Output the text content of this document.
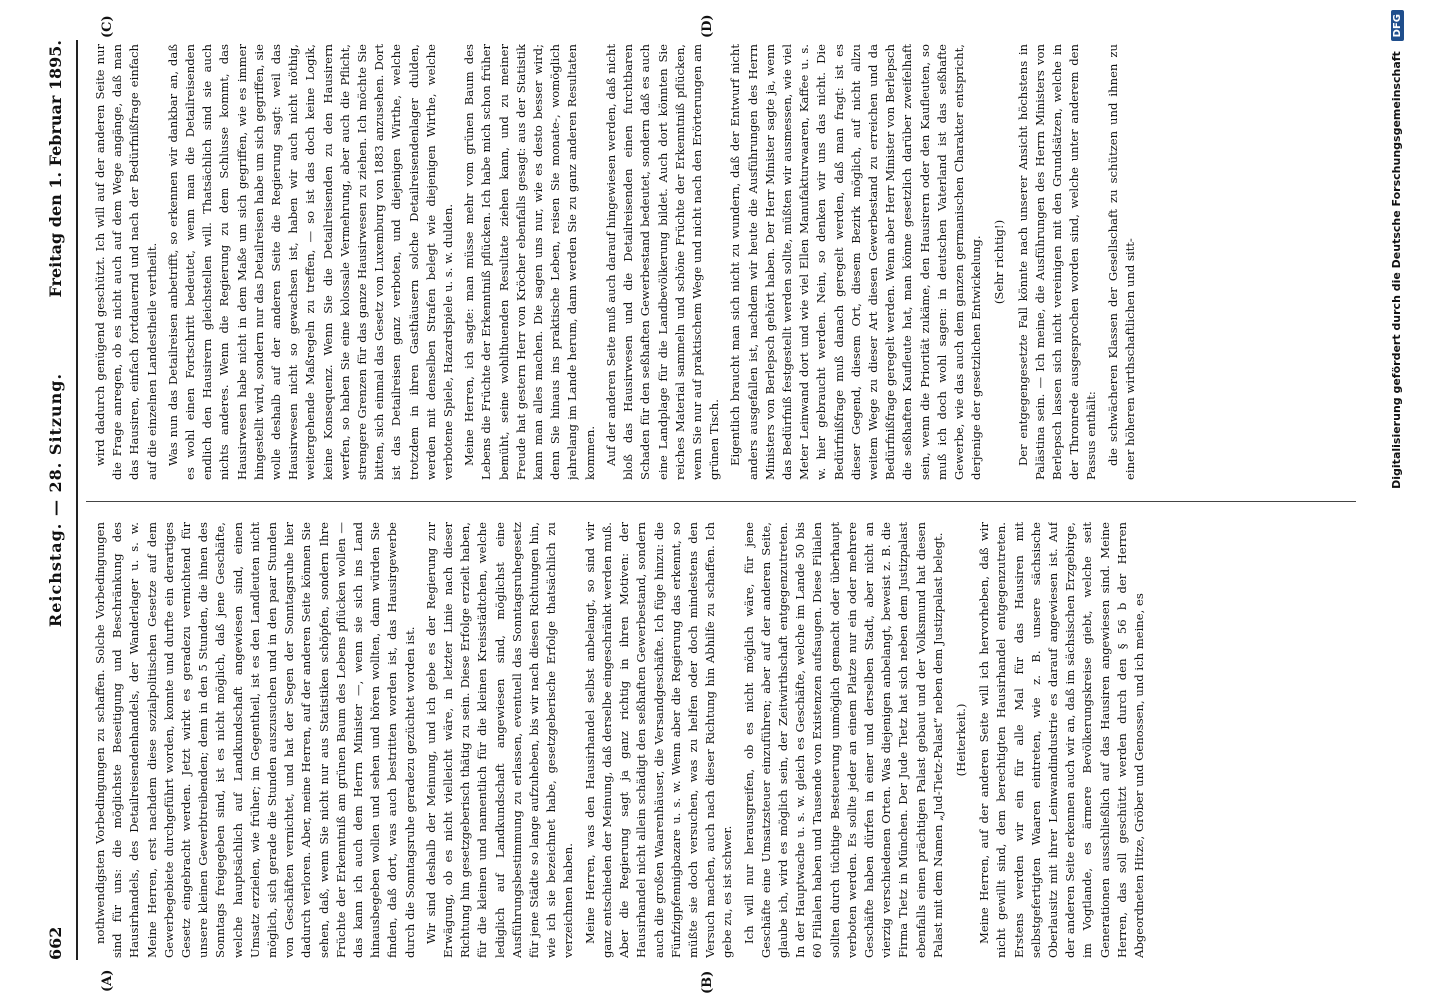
662
Reichstag. — 28. Sitzung.
Freitag den 1. Februar 1895.
(A)	(B)
(C)	(D)

nothwendigsten Vorbedingungen zu schaffen. Solche Vorbedingungen sind für uns: die möglichste Beseitigung und Beschränkung des Hausirhandels, des Detailreisendenhandels, der Wanderlager u. s. w. Meine Herren, erst nachdem diese sozialpolitischen Gesetze auf dem Gewerbegebiete durchgeführt worden, konnte und durfte ein derartiges Gesetz eingebracht werden. Jetzt wirkt es geradezu vernichtend für unsere kleinen Gewerbtreibenden; denn in den 5 Stunden, die ihnen des Sonntags freigegeben sind, ist es nicht möglich, daß jene Geschäfte, welche hauptsächlich auf Landkundschaft angewiesen sind, einen Umsatz erzielen, wie früher; im Gegentheil, ist es den Landleuten nicht möglich, sich gerade die Stunden auszusuchen und in den paar Stunden von Geschäften vernichtet, und hat der Segen der Sonntagsruhe hier dadurch verloren. Aber, meine Herren, auf der anderen Seite können Sie sehen, daß, wenn Sie nicht nur aus Statistiken schöpfen, sondern Ihre Früchte der Erkenntniß am grünen Baum des Lebens pflücken wollen — das kann ich auch dem Herrn Minister —, wenn sie sich ins Land hinausbegeben wollen und sehen und hören wollten, dann würden Sie finden, daß dort, was auch bestritten worden ist, das Hausirgewerbe durch die Sonntagsruhe geradezu gezüchtet worden ist. Wir sind deshalb der Meinung, und ich gebe es der Regierung zur Erwägung, ob es nicht vielleicht wäre, in letzter Linie nach dieser Richtung hin gesetzgeberisch thätig zu sein. Diese Erfolge erzielt haben, für die kleinen und namentlich für die kleinen Kreisstädtchen, welche lediglich auf Landkundschaft angewiesen sind, möglichst eine Ausführungsbestimmung zu erlassen, eventuell das Sonntagsruhegesetz für jene Städte so lange aufzuheben, bis wir nach diesen Richtungen hin, wie ich sie bezeichnet habe, gesetzgeberische Erfolge thatsächlich zu verzeichnen haben. Meine Herren, was den Hausirhandel selbst anbelangt, so sind wir ganz entschieden der Meinung, daß derselbe eingeschränkt werden muß. Aber die Regierung sagt ja ganz richtig in ihren Motiven: der Hausirhandel nicht allein schädigt den seßhaften Gewerbestand, sondern auch die großen Waarenhäuser, die Versandgeschäfte. Ich füge hinzu: die Fünfzigpfennigbazare u. s. w. Wenn aber die Regierung das erkennt, so müßte sie doch versuchen, was zu helfen oder doch mindestens den Versuch machen, auch nach dieser Richtung hin Abhilfe zu schaffen. Ich gebe zu, es ist schwer. Ich will nur herausgreifen, ob es nicht möglich wäre, für jene Geschäfte eine Umsatzsteuer einzuführen; aber auf der anderen Seite, glaube ich, wird es möglich sein, der Zeitwirthschaft entgegenzutreten. In der Hauptwache u. s. w. gleich es Geschäfte, welche im Lande 50 bis 60 Filialen haben und Tausende von Existenzen aufsaugen. Diese Filialen sollten durch tüchtige Besteuerung unmöglich gemacht oder überhaupt verboten werden. Es sollte jeder an einem Platze nur ein oder mehrere Geschäfte haben dürfen in einer und derselben Stadt, aber nicht an vierzig verschiedenen Orten. Was diejenigen anbelangt, beweist z. B. die Firma Tietz in München. Der Jude Tietz hat sich neben dem Justizpalast ebenfalls einen prächtigen Palast gebaut und der Volksmund hat diesen Palast mit dem Namen „Jud-Tietz-Palast“ neben dem Justizpalast belegt. (Heiterkeit.) Meine Herren, auf der anderen Seite will ich hervorheben, daß wir nicht gewillt sind, dem berechtigten Hausirhandel entgegenzutreten. Erstens werden wir ein für alle Mal für das Hausiren mit selbstgefertigten Waaren eintreten, wie z. B. unsere sächsische Oberlausitz mit ihrer Leinwandindustrie es darauf angewiesen ist. Auf der anderen Seite erkennen auch wir an, daß im sächsischen Erzgebirge, im Vogtlande, es ärmere Bevölkerungskreise giebt, welche seit Generationen ausschließlich auf das Hausiren angewiesen sind. Meine Herren, das soll geschützt werden durch den § 56 b der Herren Abgeordneten Hitze, Gröber und Genossen, und ich meine, es

wird dadurch genügend geschützt. Ich will auf der anderen Seite nur die Frage anregen, ob es nicht auch auf dem Wege angänge, daß man das Hausiren, einfach fortdauernd und nach der Bedürfnißfrage einfach auf die einzelnen Landestheile vertheilt. Was nun das Detailreisen anbetrifft, so erkennen wir dankbar an, daß es wohl einen Fortschritt bedeutet, wenn man die Detailreisenden endlich den Hausirern gleichstellen will. Thatsächlich sind sie auch nichts anderes. Wenn die Regierung zu dem Schlusse kommt, das Hausirwesen habe nicht in dem Maße um sich gegriffen, wie es immer hingestellt wird, sondern nur das Detailreisen habe um sich gegriffen, sie wolle deshalb auf der anderen Seite die Regierung sagt: weil das Hausirwesen nicht so gewachsen ist, haben wir auch nicht nöthig, weitergehende Maßregeln zu treffen, — so ist das doch keine Logik, keine Konsequenz. Wenn Sie die Detailreisenden zu den Hausirern werfen, so haben Sie eine kolossale Vermehrung, aber auch die Pflicht, strengere Grenzen für das ganze Hausirwesen zu ziehen. Ich möchte Sie bitten, sich einmal das Gesetz von Luxemburg von 1883 anzusehen. Dort ist das Detailreisen ganz verboten, und diejenigen Wirthe, welche trotzdem in ihren Gasthäusern solche Detailreisendenlager dulden, werden mit denselben Strafen belegt wie diejenigen Wirthe, welche verbotene Spiele, Hazardspiele u. s. w. dulden. Meine Herren, ich sagte: man müsse mehr vom grünen Baum des Lebens die Früchte der Erkenntniß pflücken. Ich habe mich schon früher bemüht, seine wohlthuenden Resultate ziehen kann, und zu meiner Freude hat gestern Herr von Kröcher ebenfalls gesagt: aus der Statistik kann man alles machen. Die sagen uns nur, wie es desto besser wird; denn Sie hinaus ins praktische Leben, reisen Sie monate-, womöglich jahrelang im Lande herum, dann werden Sie zu ganz anderen Resultaten kommen. Auf der anderen Seite muß auch darauf hingewiesen werden, daß nicht bloß das Hausirwesen und die Detailreisenden einen furchtbaren Schaden für den seßhaften Gewerbestand bedeutet, sondern daß es auch eine Landplage für die Landbevölkerung bildet. Auch dort könnten Sie reiches Material sammeln und schöne Früchte der Erkenntniß pflücken, wenn Sie nur auf praktischem Wege und nicht nach den Erörterungen am grünen Tisch. Eigentlich braucht man sich nicht zu wundern, daß der Entwurf nicht anders ausgefallen ist, nachdem wir heute die Ausführungen des Herrn Ministers von Berlepsch gehört haben. Der Herr Minister sagte ja, wenn das Bedürfniß festgestellt werden sollte, müßten wir ausmessen, wie viel Meter Leinwand dort und wie viel Ellen Manufakturwaaren, Kaffee u. s. w. hier gebraucht werden. Nein, so denken wir uns das nicht. Die Bedürfnißfrage muß danach geregelt werden, daß man fragt: ist es dieser Gegend, diesem Ort, diesem Bezirk möglich, auf nicht allzu weitem Wege zu dieser Art diesen Gewerbestand zu erreichen und da Bedürfnißfrage geregelt werden. Wenn aber Herr Minister von Berlepsch die seßhaften Kaufleute hat, man könne gesetzlich darüber zweifelhaft sein, wenn die Priorität zukäme, den Hausirern oder den Kaufleuten, so muß ich doch wohl sagen: in deutschen Vaterland ist das seßhafte Gewerbe, wie das auch dem ganzen germanischen Charakter entspricht, derjenige der gesetzlichen Entwickelung. (Sehr richtig!) Der entgegengesetzte Fall könnte nach unserer Ansicht höchstens in Palästina sein. — Ich meine, die Ausführungen des Herrn Ministers von Berlepsch lassen sich nicht vereinigen mit den Grundsätzen, welche in der Thronrede ausgesprochen worden sind, welche unter anderem den Passus enthält: die schwächeren Klassen der Gesellschaft zu schützen und ihnen zu einer höheren wirthschaftlichen und sitt-	Digitalisierung gefördert durch die Deutsche Forschungsgemeinschaft DFG
